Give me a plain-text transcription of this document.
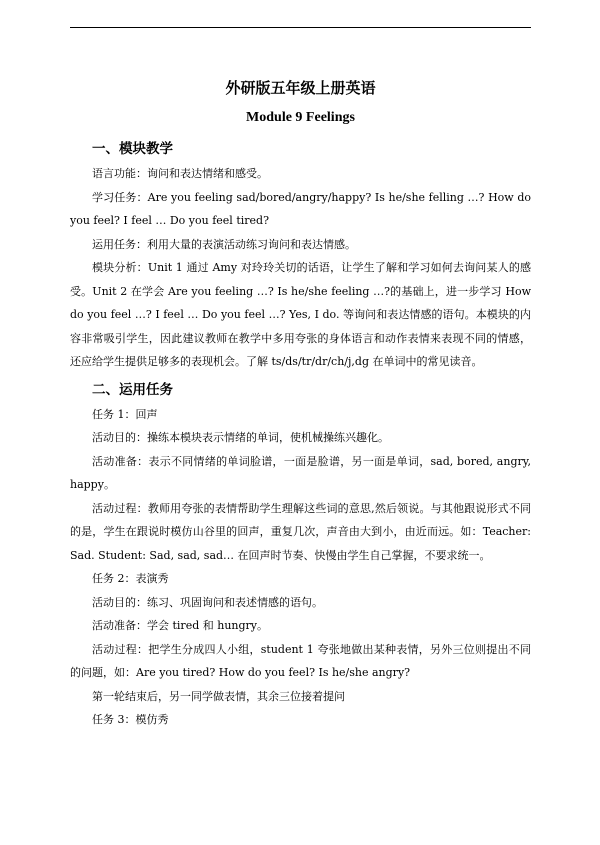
外研版五年级上册英语
Module 9 Feelings
一、模块教学

语言功能：询问和表达情绪和感受。

学习任务：Are you feeling sad/bored/angry/happy? Is he/she felling …? How do you feel? I feel … Do you feel tired?

运用任务：利用大量的表演活动练习询问和表达情感。

模块分析：Unit 1 通过 Amy 对玲玲关切的话语，让学生了解和学习如何去询问某人的感受。Unit 2 在学会 Are you feeling …? Is he/she feeling …?的基础上，进一步学习 How do you feel …? I feel … Do you feel …? Yes, I do. 等询问和表达情感的语句。本模块的内容非常吸引学生，因此建议教师在教学中多用夸张的身体语言和动作表情来表现不同的情感，还应给学生提供足够多的表现机会。了解 ts/ds/tr/dr/ch/j,dg 在单词中的常见读音。

二、运用任务

任务 1：回声

活动目的：操练本模块表示情绪的单词，使机械操练兴趣化。

活动准备：表示不同情绪的单词脸谱，一面是脸谱，另一面是单词，sad, bored, angry, happy。

活动过程：教师用夸张的表情帮助学生理解这些词的意思,然后领说。与其他跟说形式不同的是，学生在跟说时模仿山谷里的回声，重复几次，声音由大到小，由近而远。如：Teacher: Sad. Student: Sad, sad, sad… 在回声时节奏、快慢由学生自己掌握，不要求统一。

任务 2：表演秀

活动目的：练习、巩固询问和表述情感的语句。

活动准备：学会 tired 和 hungry。

活动过程：把学生分成四人小组，student 1 夸张地做出某种表情，另外三位则提出不同的问题，如：Are you tired? How do you feel? Is he/she angry?

第一轮结束后，另一同学做表情，其余三位接着提问

任务 3：模仿秀
